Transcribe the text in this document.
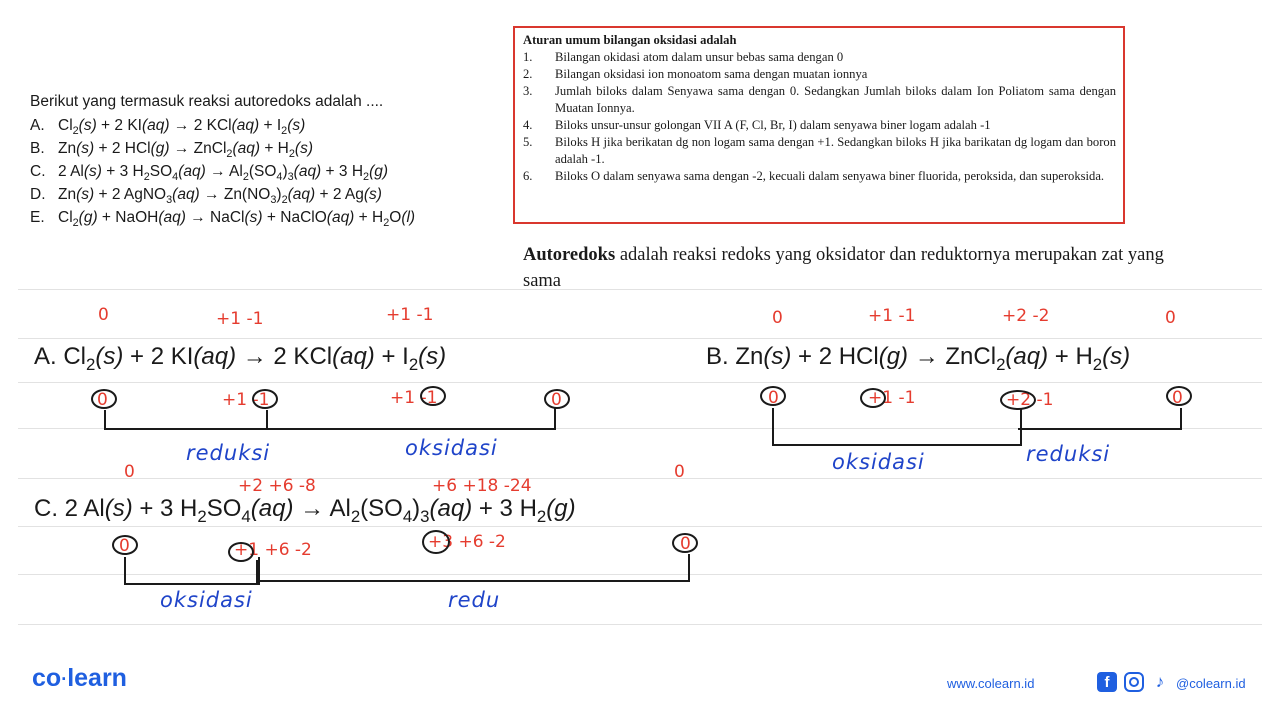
Berikut yang termasuk reaksi autoredoks adalah ....
A. $Cl_2(s) + 2$ KI(aq) → 2 $KCl(aq) + I_2(s)$
B. Zn(s) + 2 HCl(g) → ZnCl$_2$(aq) + $H_2(s)$
C. 2 Al(s) + 3 $H_2SO_4(aq) \to Al_2(SO_4)_3(aq) + 3$ $H_2(g)$
D. Zn(s) + 2 AgNO$_3$(aq) → $Zn(NO_3)_2(aq) + 2$ Ag(s)
E. $Cl_2(g)$ + NaOH(aq) → NaCl(s) + NaClO(aq) + $H_2O(l)$
Aturan umum bilangan oksidasi adalah
1.	Bilangan okidasi atom dalam unsur bebas sama dengan 0
2.	Bilangan oksidasi ion monoatom sama dengan muatan ionnya
3.	Jumlah biloks dalam Senyawa sama dengan 0. Sedangkan Jumlah biloks dalam Ion Poliatom sama dengan Muatan Ionnya.
4.	Biloks unsur-unsur golongan VII A (F, Cl, Br, I) dalam senyawa biner logam adalah -1
5.	Biloks H jika berikatan dg non logam sama dengan +1. Sedangkan biloks H jika barikatan dg logam dan boron adalah -1.
6.	Biloks O dalam senyawa sama dengan -2, kecuali dalam senyawa biner fluorida, peroksida, dan superoksida.
Autoredoks adalah reaksi redoks yang oksidator dan reduktornya merupakan zat yang sama
A. $Cl_2(s) + 2$ KI(aq) → 2 $KCl(aq) + I_2(s)$
0	+1 -1	+1 -1
0	+1 -1	+1 -1	0
reduksi	oksidasi
B. Zn(s) + 2 HCl(g) → ZnCl$_2$(aq) + $H_2(s)$
0	+1 -1	+2 -2	0
0	+1 -1	+2 -1	0
oksidasi	reduksi
C. 2 Al(s) + 3 $H_2SO_4(aq) \to Al_2(SO_4)_3(aq) + 3$ $H_2(g)$
0
+2 +6 -8	+6 +18 -24
0
0	+1 +6 -2	+3 +6 -2	0
oksidasi	redu
co·learn	www.colearn.id	f	♪ @colearn.id
